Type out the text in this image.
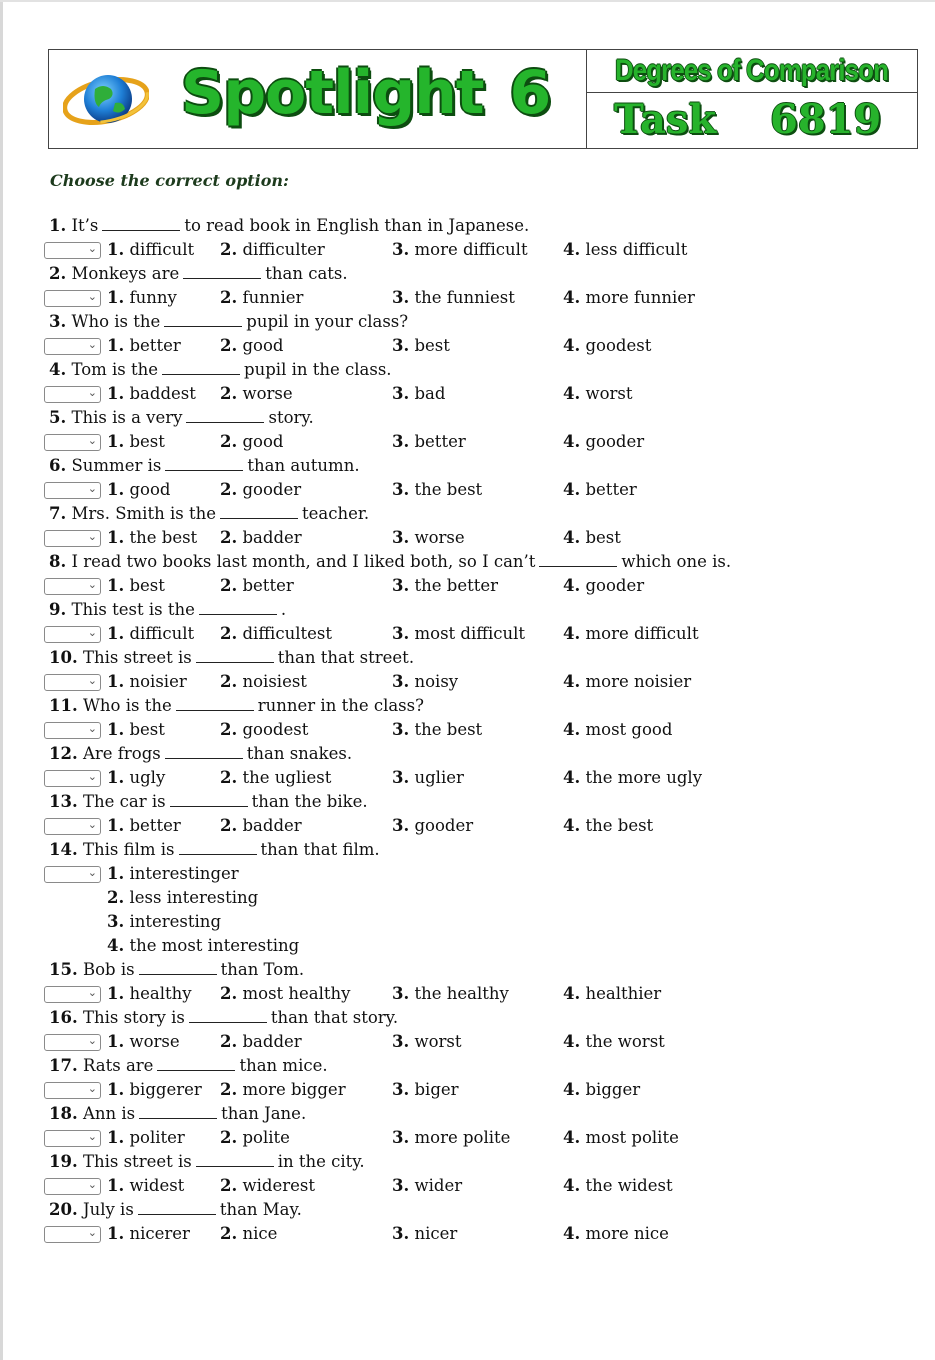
Spotlight 6 Degrees of Comparison
Task 6819
Choose the correct option:
1. It’s	to read book in English than in Japanese.
⌄ 1. difficult 2. difficulter	3. more difficult 4. less difficult
2. Monkeys are	than cats.
⌄ 1. funny	2. funnier	3. the funniest	4. more funnier
3. Who is the	pupil in your class?
⌄ 1. better 2. good	3. best	4. goodest
4. Tom is the	pupil in the class.
⌄ 1. baddest 2. worse	3. bad	4. worst
5. This is a very	story.
⌄ 1. best	2. good	3. better	4. gooder
6. Summer is	than autumn.
⌄ 1. good	2. gooder	3. the best	4. better
7. Mrs. Smith is the	teacher.
⌄ 1. the best 2. badder	3. worse	4. best
8. I read two books last month, and I liked both, so I can’t	which one is.
⌄ 1. best	2. better	3. the better	4. gooder
9. This test is the	.
⌄ 1. difficult 2. difficultest	3. most difficult 4. more difficult
10. This street is	than that street.
⌄ 1. noisier 2. noisiest	3. noisy	4. more noisier
11. Who is the	runner in the class?
⌄ 1. best	2. goodest	3. the best	4. most good
12. Are frogs	than snakes.
⌄ 1. ugly	2. the ugliest	3. uglier	4. the more ugly
13. The car is	than the bike.
⌄ 1. better 2. badder	3. gooder	4. the best
14. This film is	than that film.
⌄ 1. interestinger
2. less interesting
3. interesting
4. the most interesting
15. Bob is	than Tom.
⌄ 1. healthy 2. most healthy	3. the healthy	4. healthier
16. This story is	than that story.
⌄ 1. worse 2. badder	3. worst	4. the worst
17. Rats are	than mice.
⌄ 1. biggerer 2. more bigger	3. biger	4. bigger
18. Ann is	than Jane.
⌄ 1. politer 2. polite	3. more polite	4. most polite
19. This street is	in the city.
⌄ 1. widest 2. widerest	3. wider	4. the widest
20. July is	than May.
⌄ 1. nicerer 2. nice	3. nicer	4. more nice
